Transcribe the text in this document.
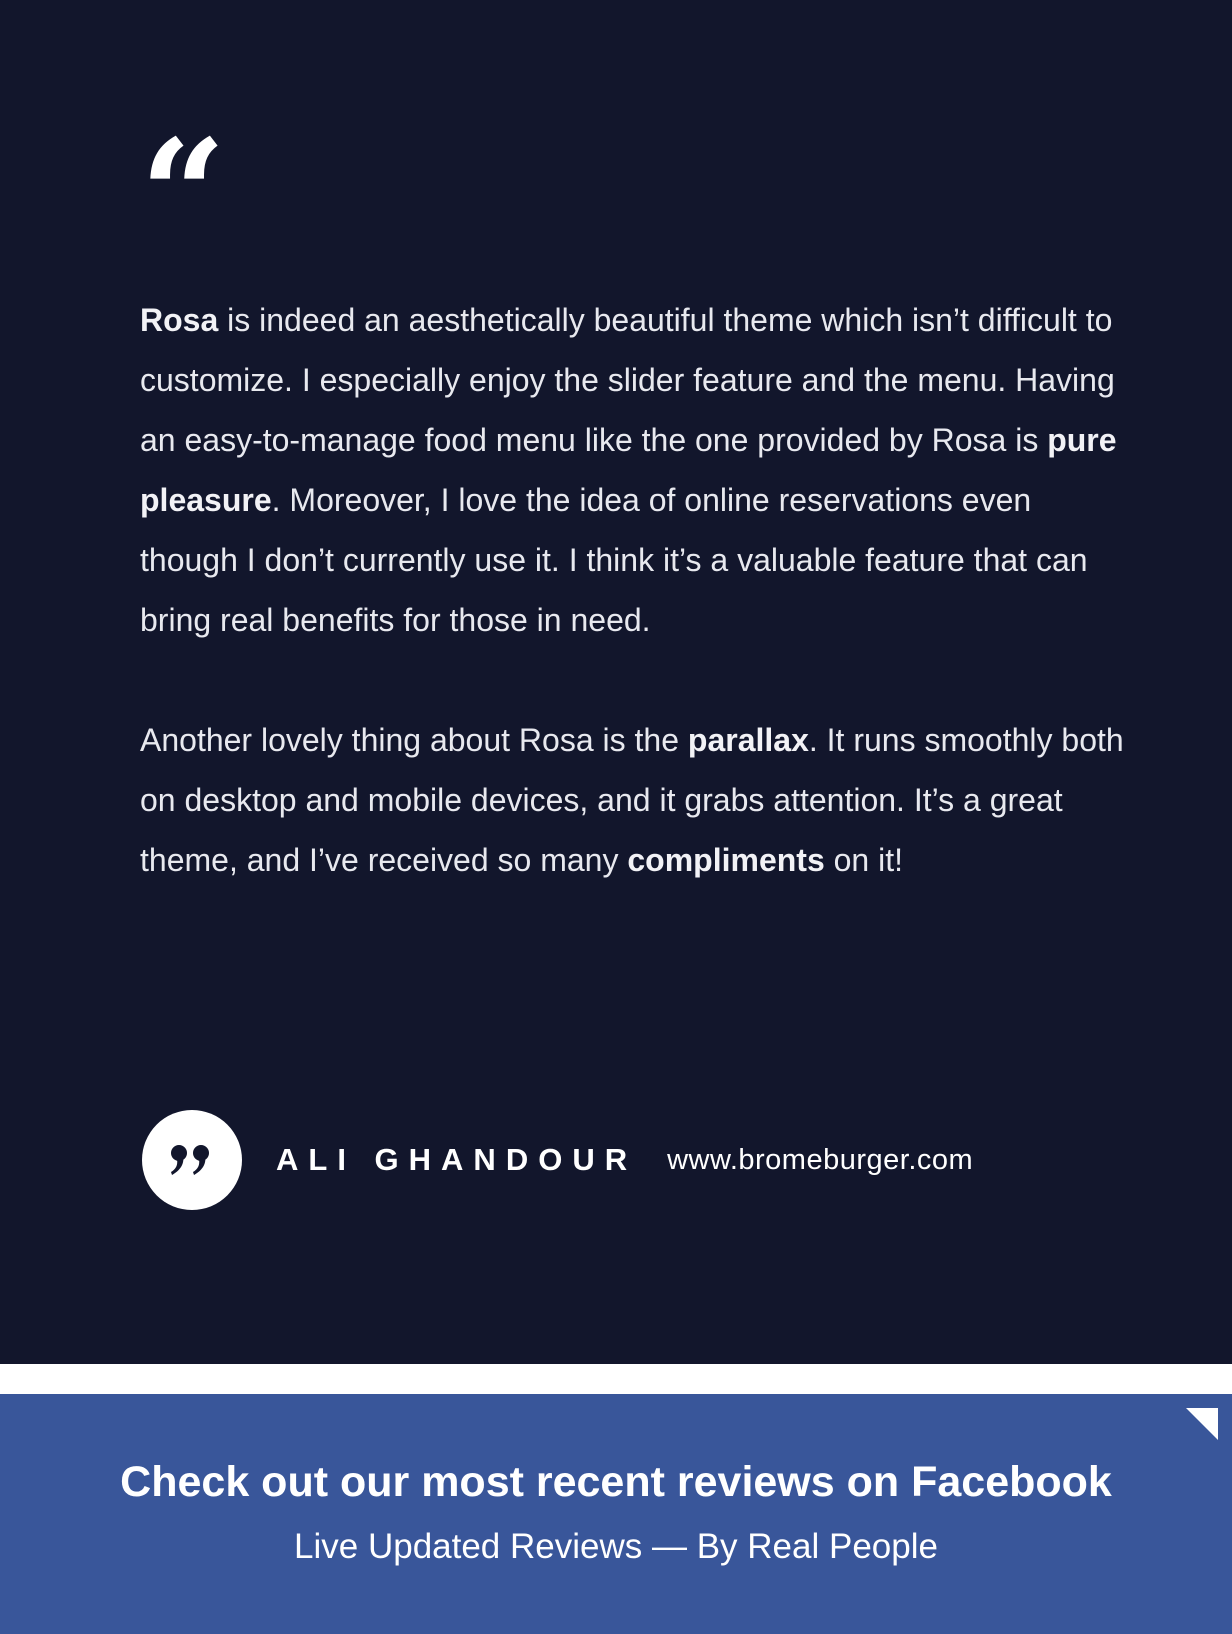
“

Rosa is indeed an aesthetically beautiful theme which isn’t difficult to customize. I especially enjoy the slider feature and the menu. Having an easy-to-manage food menu like the one provided by Rosa is pure pleasure. Moreover, I love the idea of online reservations even though I don’t currently use it. I think it’s a valuable feature that can bring real benefits for those in need.

Another lovely thing about Rosa is the parallax. It runs smoothly both on desktop and mobile devices, and it grabs attention. It’s a great theme, and I’ve received so many compliments on it!

ALI GHANDOUR www.bromeburger.com
Check out our most recent reviews on Facebook
Live Updated Reviews — By Real People
